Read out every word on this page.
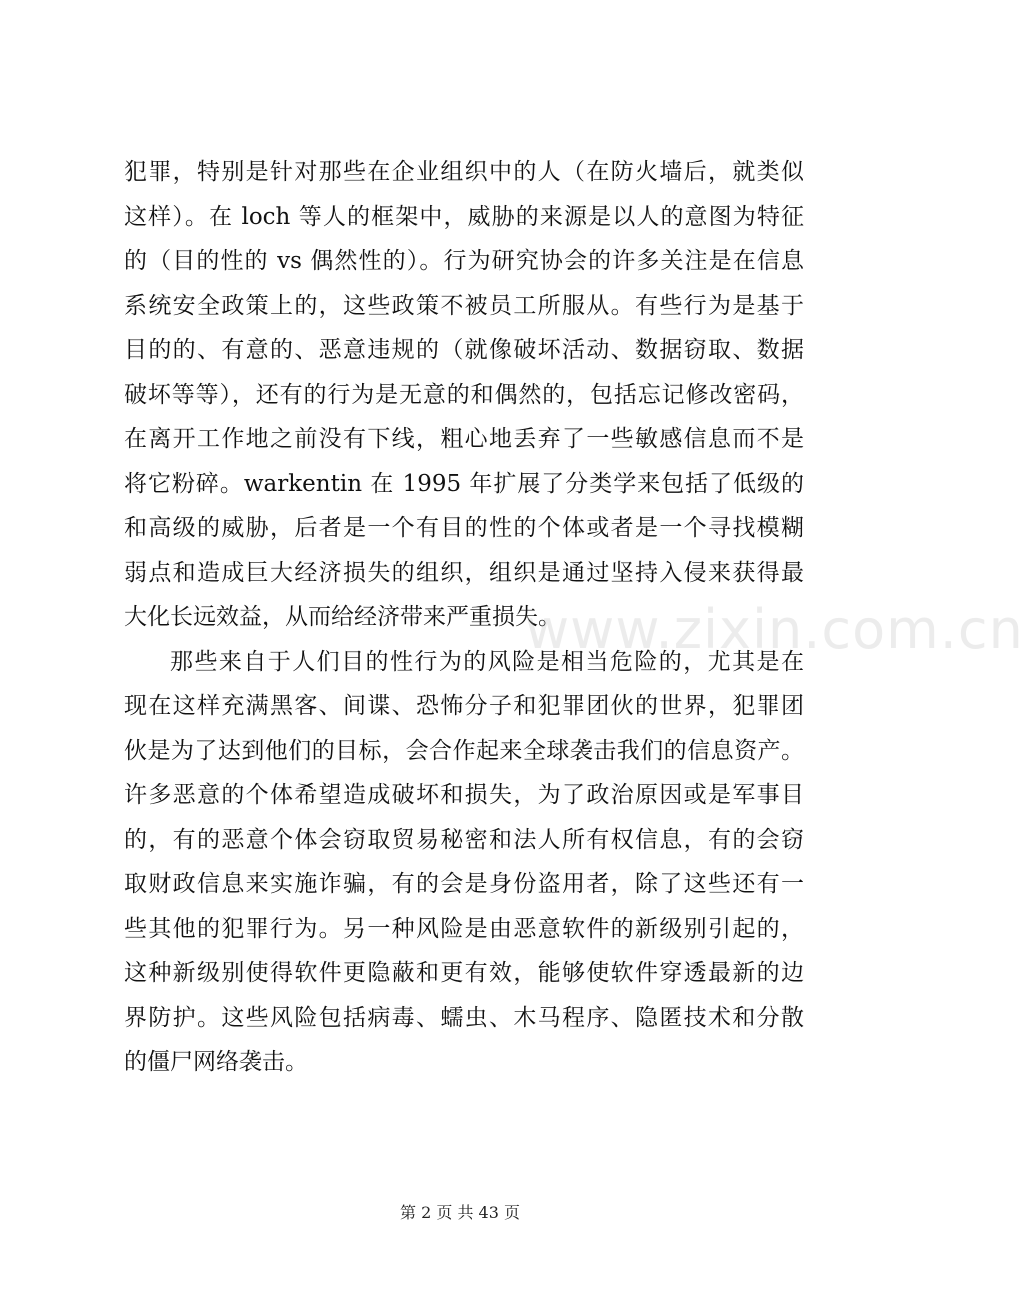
犯罪，特别是针对那些在企业组织中的人（在防火墙后，就类似
这样）。在 loch 等人的框架中，威胁的来源是以人的意图为特征
的（目的性的 vs 偶然性的）。行为研究协会的许多关注是在信息
系统安全政策上的，这些政策不被员工所服从。有些行为是基于
目的的、有意的、恶意违规的（就像破坏活动、数据窃取、数据
破坏等等），还有的行为是无意的和偶然的，包括忘记修改密码，
在离开工作地之前没有下线，粗心地丢弃了一些敏感信息而不是
将它粉碎。warkentin 在 1995 年扩展了分类学来包括了低级的
和高级的威胁，后者是一个有目的性的个体或者是一个寻找模糊
弱点和造成巨大经济损失的组织，组织是通过坚持入侵来获得最
大化长远效益，从而给经济带来严重损失。
那些来自于人们目的性行为的风险是相当危险的，尤其是在
现在这样充满黑客、间谍、恐怖分子和犯罪团伙的世界，犯罪团
伙是为了达到他们的目标，会合作起来全球袭击我们的信息资产。
许多恶意的个体希望造成破坏和损失，为了政治原因或是军事目
的，有的恶意个体会窃取贸易秘密和法人所有权信息，有的会窃
取财政信息来实施诈骗，有的会是身份盗用者，除了这些还有一
些其他的犯罪行为。另一种风险是由恶意软件的新级别引起的，
这种新级别使得软件更隐蔽和更有效，能够使软件穿透最新的边
界防护。这些风险包括病毒、蠕虫、木马程序、隐匿技术和分散
的僵尸网络袭击。
www.zixin.com.cn
第 2 页 共 43 页
